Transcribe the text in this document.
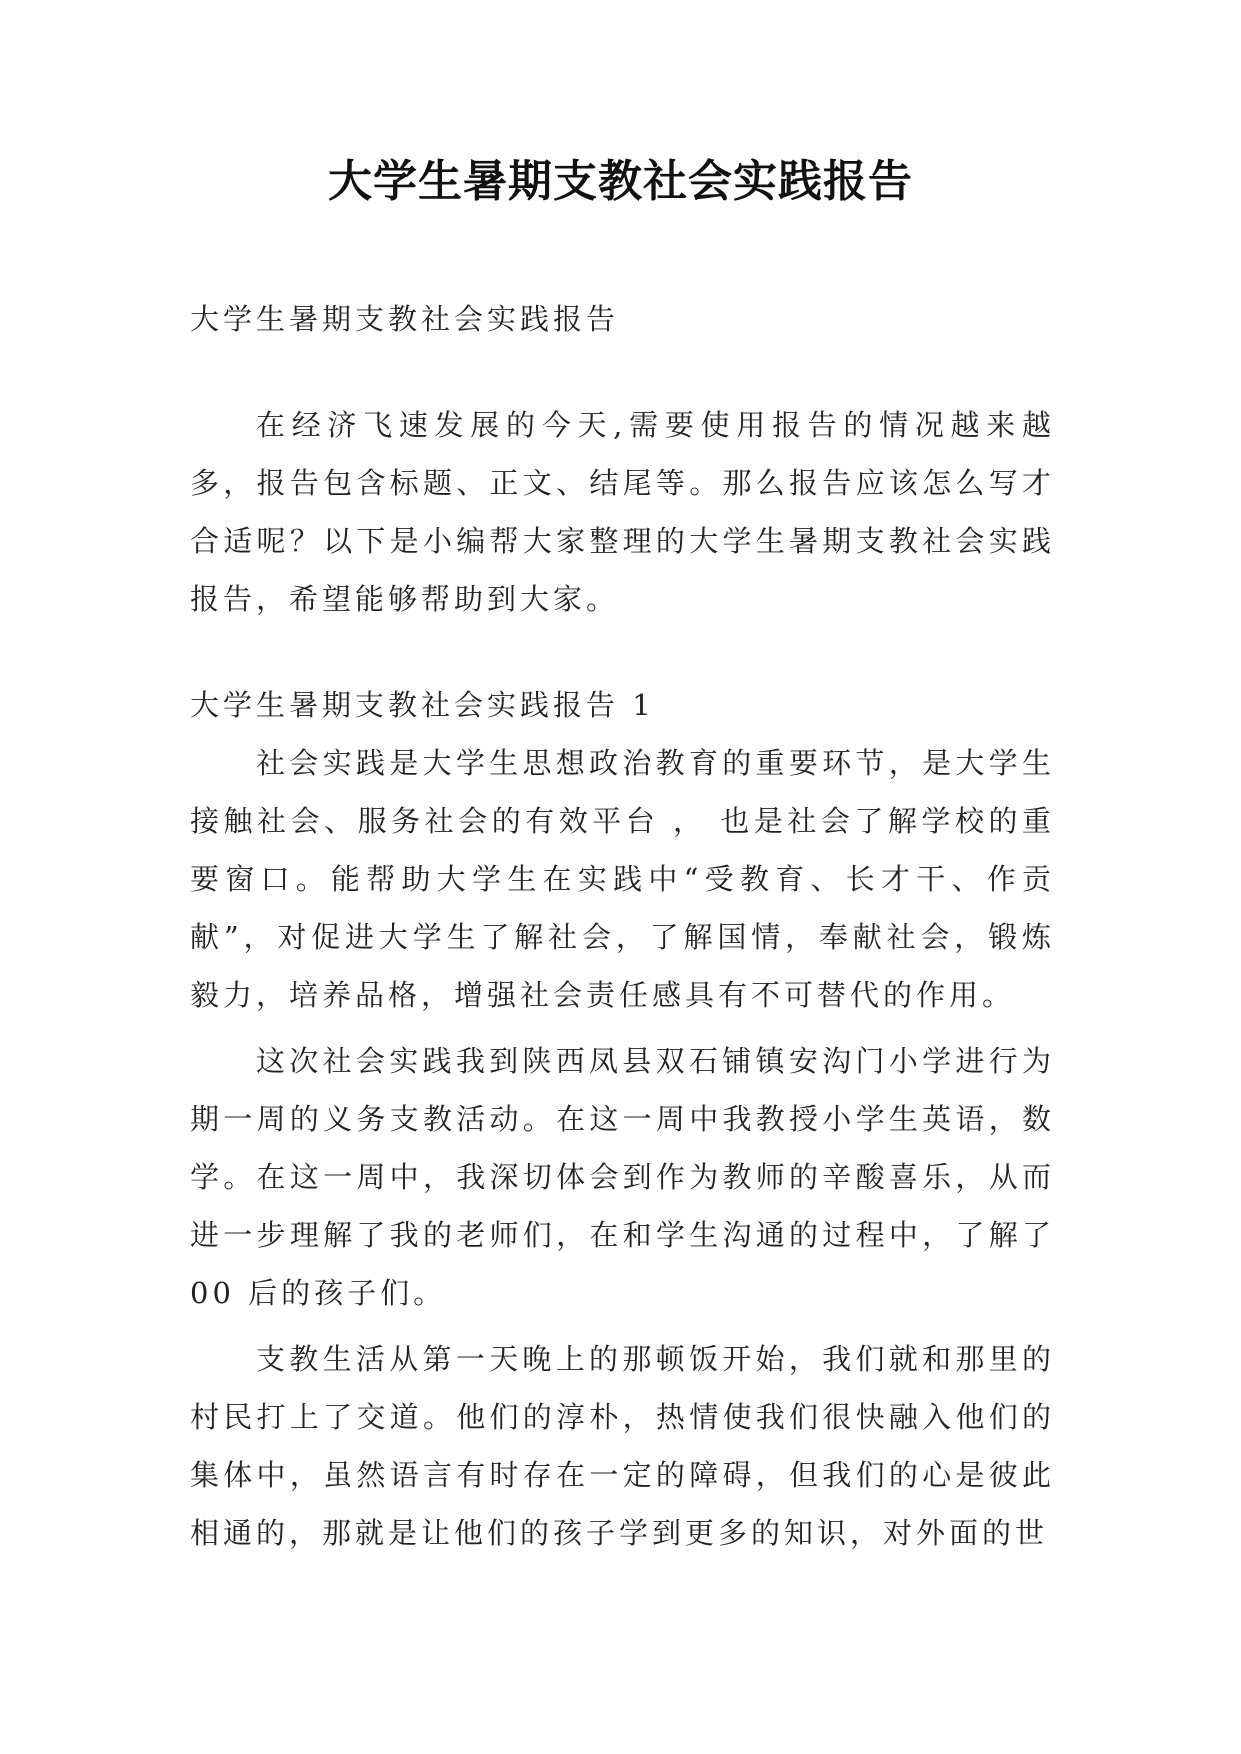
大学生暑期支教社会实践报告

大学生暑期支教社会实践报告

在经济飞速发展的今天,需要使用报告的情况越来越多，报告包含标题、正文、结尾等。那么报告应该怎么写才合适呢？以下是小编帮大家整理的大学生暑期支教社会实践报告，希望能够帮助到大家。

大学生暑期支教社会实践报告 1

社会实践是大学生思想政治教育的重要环节，是大学生接触社会、服务社会的有效平台 ， 也是社会了解学校的重要窗口。能帮助大学生在实践中“受教育、长才干、作贡献”，对促进大学生了解社会，了解国情，奉献社会，锻炼毅力，培养品格，增强社会责任感具有不可替代的作用。

这次社会实践我到陕西凤县双石铺镇安沟门小学进行为期一周的义务支教活动。在这一周中我教授小学生英语，数学。在这一周中，我深切体会到作为教师的辛酸喜乐，从而进一步理解了我的老师们，在和学生沟通的过程中，了解了 00 后的孩子们。

支教生活从第一天晚上的那顿饭开始，我们就和那里的村民打上了交道。他们的淳朴，热情使我们很快融入他们的集体中，虽然语言有时存在一定的障碍，但我们的心是彼此相通的，那就是让他们的孩子学到更多的知识，对外面的世
